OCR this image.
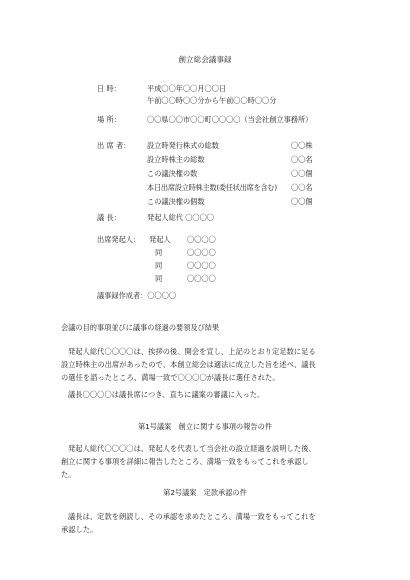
創立総会議事録
日 時：	平成〇〇年〇〇月〇〇日
午前〇〇時〇〇分から午前〇〇時〇〇分
場 所：	〇〇県〇〇市〇〇町〇〇〇〇（当会社創立事務所）
出 席 者： 設立時発行株式の総数	〇〇株
設立時株主の総数	〇〇名
この議決権の数	〇〇個
本日出席設立時株主数(委任状出席を含む) 〇〇名
この議決権の個数	〇〇個
議 長：	発起人総代 〇〇〇〇
出席発起人： 発起人 〇〇〇〇
同	〇〇〇〇
同	〇〇〇〇
同	〇〇〇〇
議事録作成者：〇〇〇〇
会議の目的事項並びに議事の経過の要領及び結果
発起人総代〇〇〇〇は、挨拶の後、開会を宣し、上記のとおり定足数に足る設立時株主の出席があったので、本創立総会は適法に成立した旨を述べ、議長の選任を諮ったところ、満場一致で〇〇〇〇が議長に選任された。
議長〇〇〇〇は議長席につき、直ちに議案の審議に入った。
第1号議案　創立に関する事項の報告の件
発起人総代〇〇〇〇は、発起人を代表して当会社の設立経過を説明した後、創立に関する事項を詳細に報告したところ、満場一致をもってこれを承認した。
第2号議案　定款承認の件
議長は、定款を朗読し、その承認を求めたところ、満場一致をもってこれを承認した。
